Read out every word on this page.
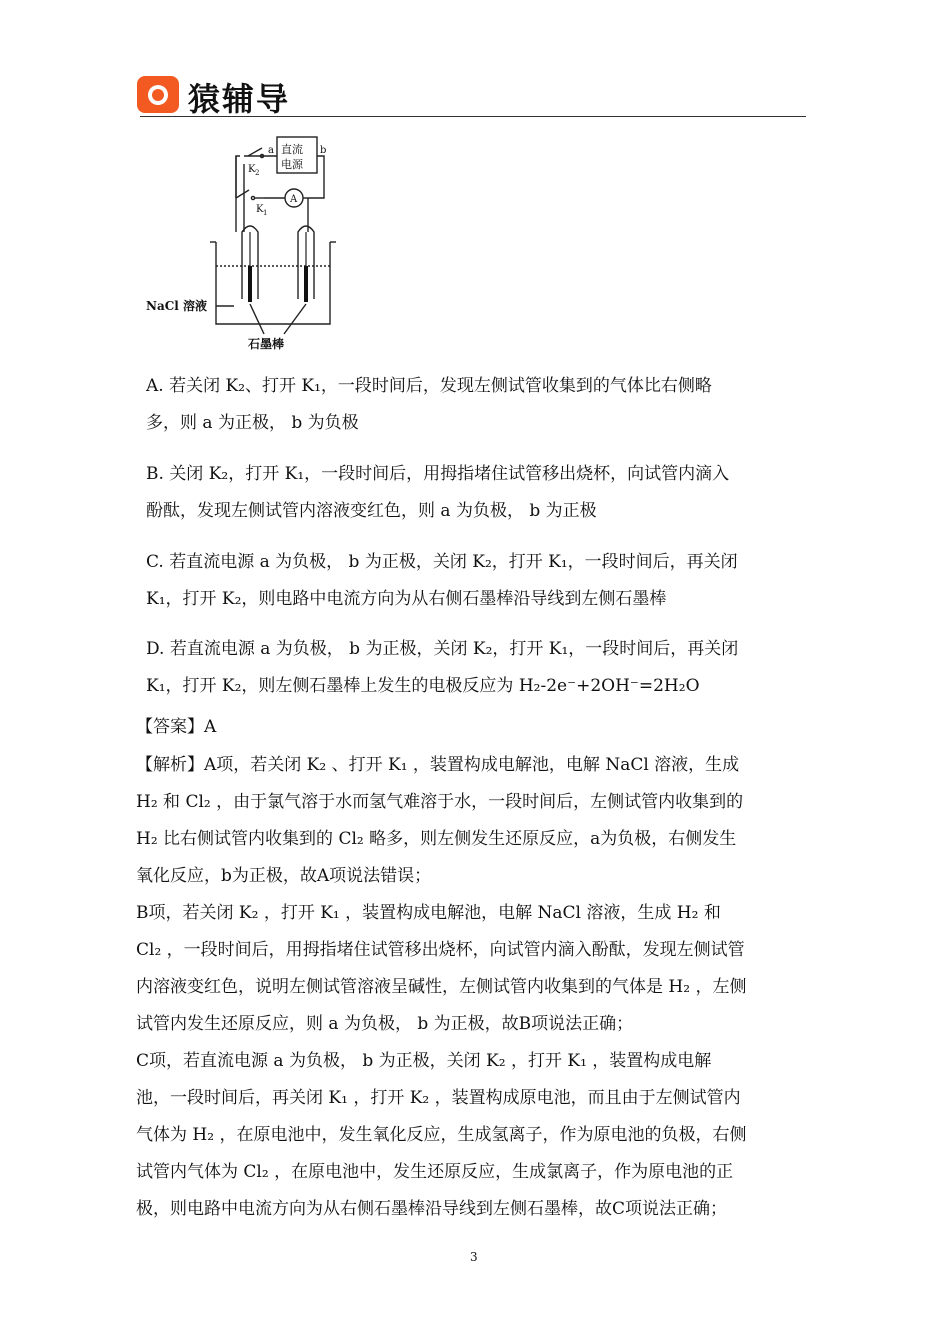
猿辅导
直流
电源
a	b
K 2
K 1
A
NaCl 溶液
石墨棒
A. 若关闭 K₂、打开 K₁，一段时间后，发现左侧试管收集到的气体比右侧略
多，则 a 为正极， b 为负极
B. 关闭 K₂，打开 K₁，一段时间后，用拇指堵住试管移出烧杯，向试管内滴入
酚酞，发现左侧试管内溶液变红色，则 a 为负极， b 为正极
C. 若直流电源 a 为负极， b 为正极，关闭 K₂，打开 K₁，一段时间后，再关闭
K₁，打开 K₂，则电路中电流方向为从右侧石墨棒沿导线到左侧石墨棒
D. 若直流电源 a 为负极， b 为正极，关闭 K₂，打开 K₁，一段时间后，再关闭
K₁，打开 K₂，则左侧石墨棒上发生的电极反应为 H₂-2e⁻+2OH⁻=2H₂O
【答案】A
【解析】A项，若关闭 K₂ 、打开 K₁ ，装置构成电解池，电解 NaCl 溶液，生成
H₂ 和 Cl₂ ，由于氯气溶于水而氢气难溶于水，一段时间后，左侧试管内收集到的
H₂ 比右侧试管内收集到的 Cl₂ 略多，则左侧发生还原反应，a为负极，右侧发生
氧化反应，b为正极，故A项说法错误；
B项，若关闭 K₂ ，打开 K₁ ，装置构成电解池，电解 NaCl 溶液，生成 H₂ 和
Cl₂ ，一段时间后，用拇指堵住试管移出烧杯，向试管内滴入酚酞，发现左侧试管
内溶液变红色，说明左侧试管溶液呈碱性，左侧试管内收集到的气体是 H₂ ，左侧
试管内发生还原反应，则 a 为负极， b 为正极，故B项说法正确；
C项，若直流电源 a 为负极， b 为正极，关闭 K₂ ，打开 K₁ ，装置构成电解
池，一段时间后，再关闭 K₁ ，打开 K₂ ，装置构成原电池，而且由于左侧试管内
气体为 H₂ ，在原电池中，发生氧化反应，生成氢离子，作为原电池的负极，右侧
试管内气体为 Cl₂ ，在原电池中，发生还原反应，生成氯离子，作为原电池的正
极，则电路中电流方向为从右侧石墨棒沿导线到左侧石墨棒，故C项说法正确；
3
